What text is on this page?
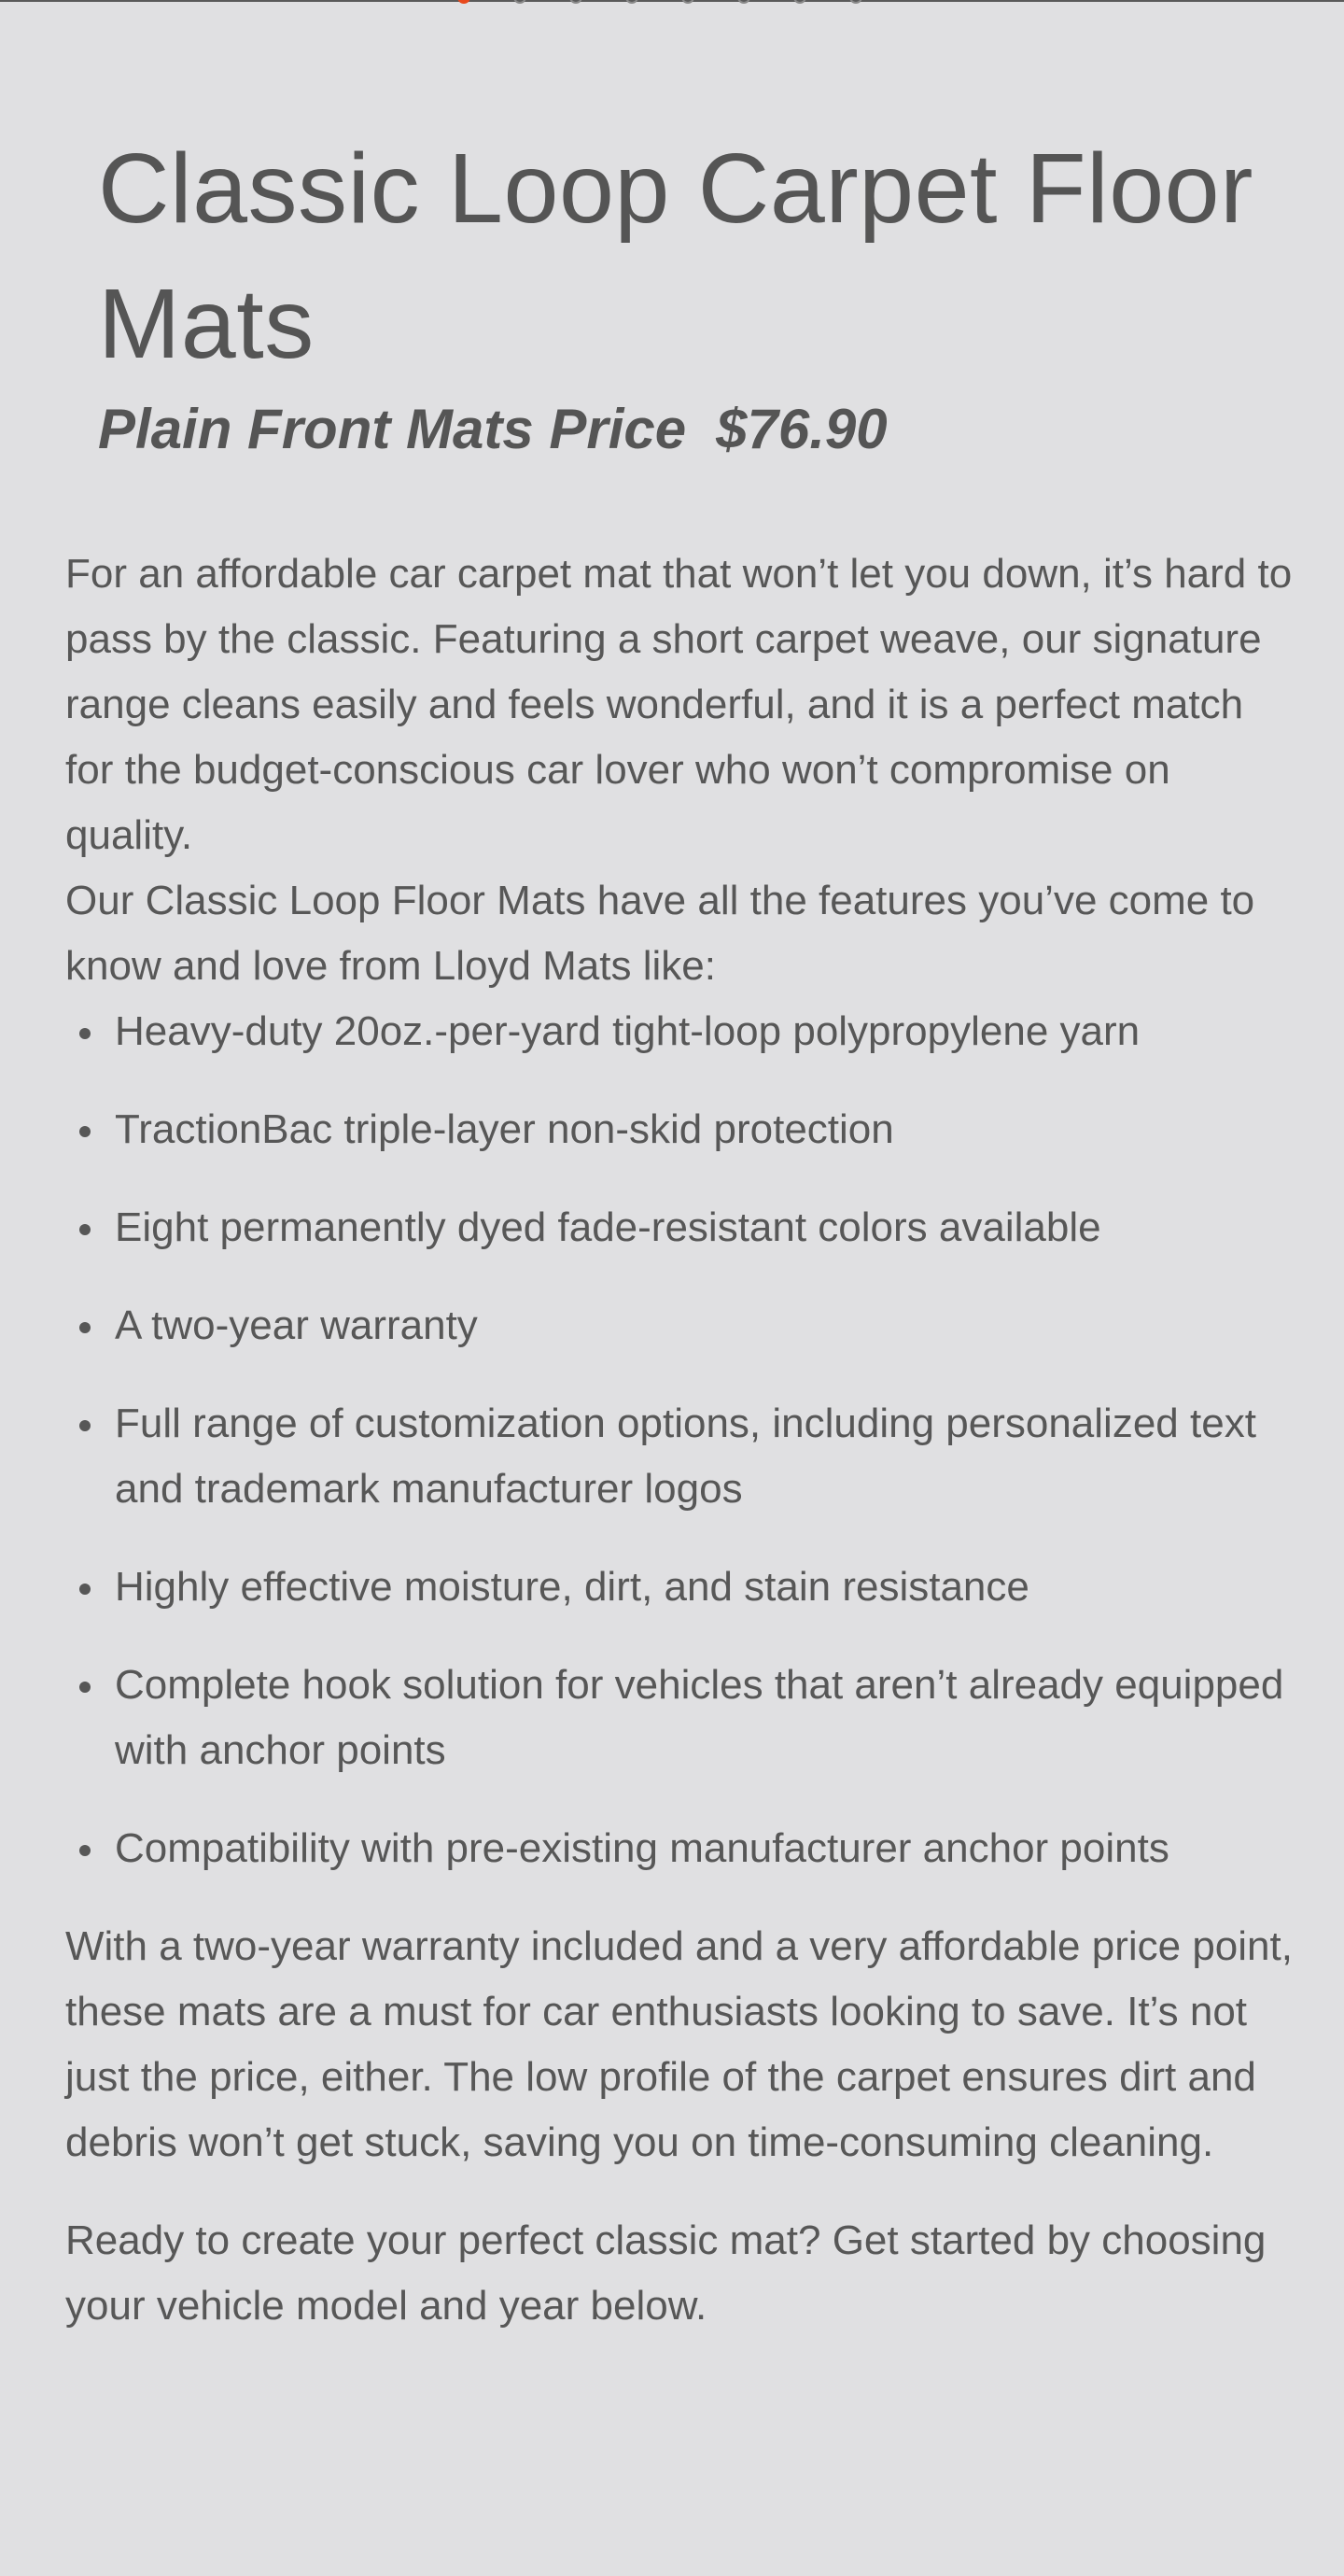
Classic Loop Carpet Floor Mats
Plain Front Mats Price $76.90

For an affordable car carpet mat that won’t let you down, it’s hard to pass by the classic. Featuring a short carpet weave, our signature range cleans easily and feels wonderful, and it is a perfect match for the budget-conscious car lover who won’t compromise on quality.

Our Classic Loop Floor Mats have all the features you’ve come to know and love from Lloyd Mats like:

Heavy-duty 20oz.-per-yard tight-loop polypropylene yarn
TractionBac triple-layer non-skid protection
Eight permanently dyed fade-resistant colors available
A two-year warranty
Full range of customization options, including personalized text and trademark manufacturer logos
Highly effective moisture, dirt, and stain resistance
Complete hook solution for vehicles that aren’t already equipped with anchor points
Compatibility with pre-existing manufacturer anchor points

With a two-year warranty included and a very affordable price point, these mats are a must for car enthusiasts looking to save. It’s not just the price, either. The low profile of the carpet ensures dirt and debris won’t get stuck, saving you on time-consuming cleaning.

Ready to create your perfect classic mat? Get started by choosing your vehicle model and year below.
